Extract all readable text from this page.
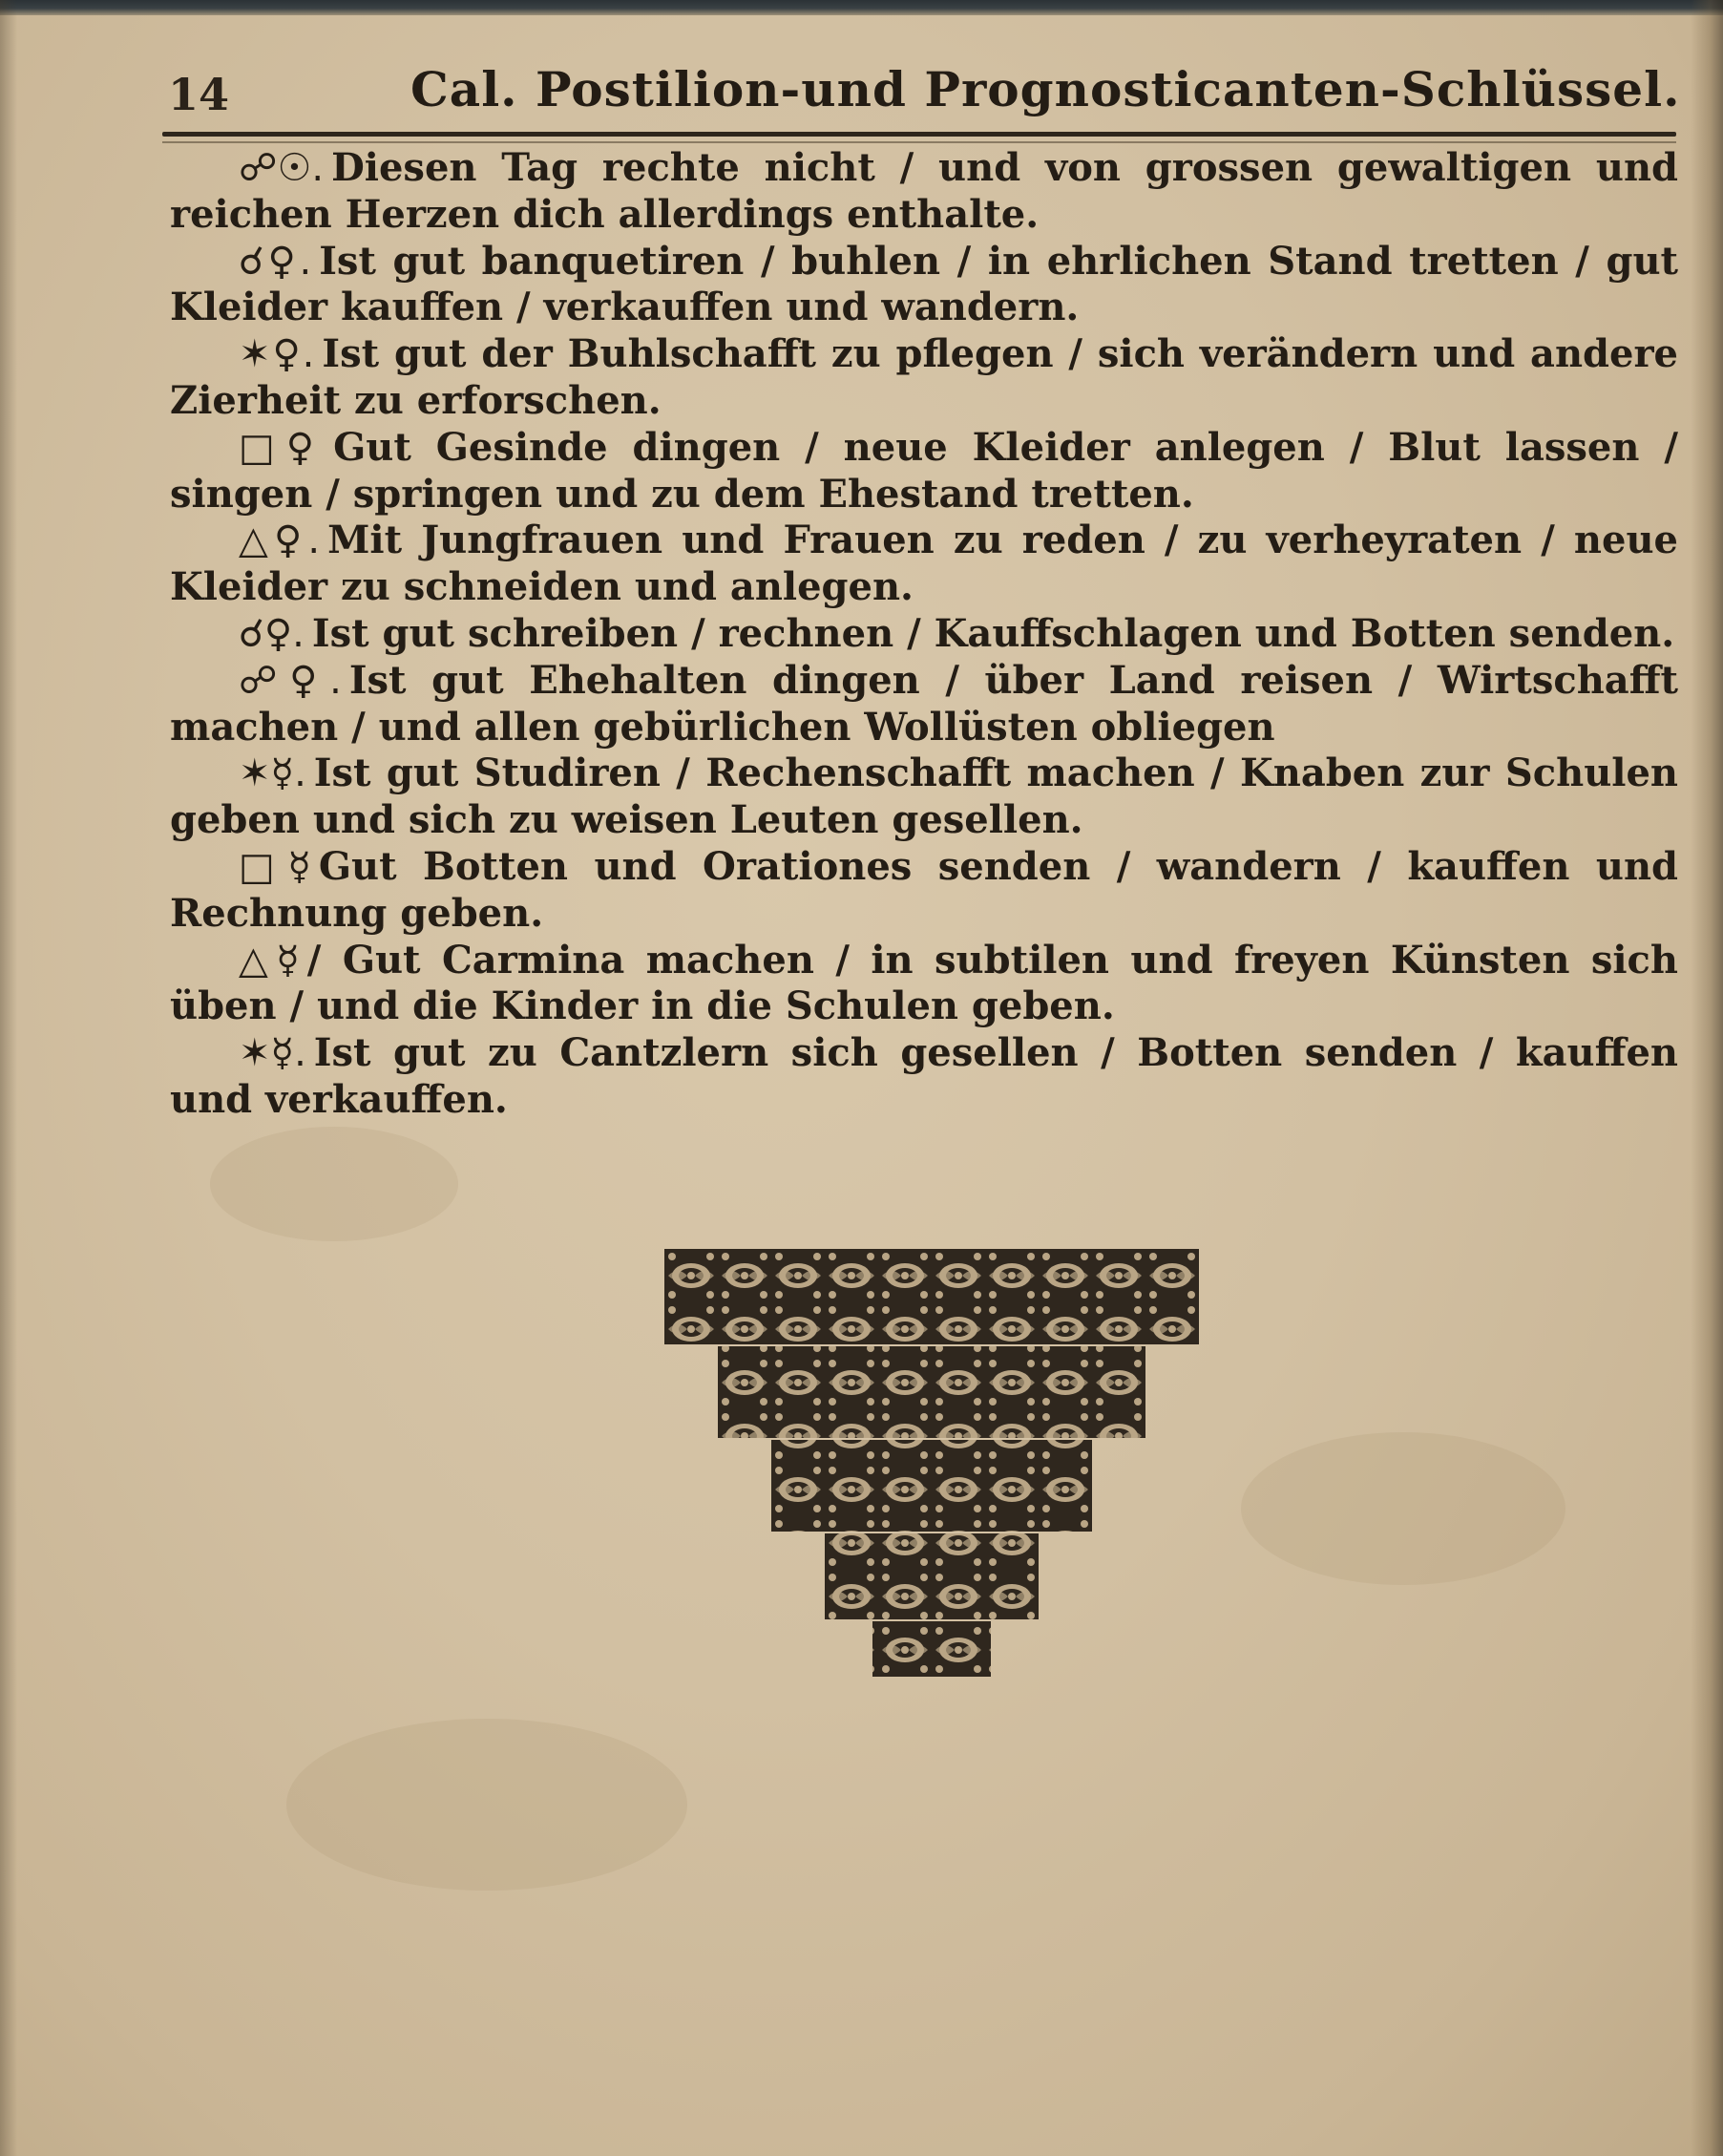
14	Cal. Postilion-und Prognosticanten-Schlüssel.

☍☉. Diesen Tag rechte nicht / und von grossen gewaltigen und reichen Herzen dich allerdings enthalte.

☌♀. Ist gut banquetiren / buhlen / in ehrlichen Stand tretten / gut Kleider kauffen / verkauffen und wandern.

✶♀. Ist gut der Buhlschafft zu pflegen / sich verändern und andere Zierheit zu erforschen.

□♀ Gut Gesinde dingen / neue Kleider anlegen / Blut lassen / singen / springen und zu dem Ehestand tretten.

△♀. Mit Jungfrauen und Frauen zu reden / zu verheyraten / neue Kleider zu schneiden und anlegen.

☌♀. Ist gut schreiben / rechnen / Kauffschlagen und Botten senden.

☍♀. Ist gut Ehehalten dingen / über Land reisen / Wirtschafft machen / und allen gebürlichen Wollüsten obliegen

✶☿. Ist gut Studiren / Rechenschafft machen / Knaben zur Schulen geben und sich zu weisen Leuten gesellen.

□☿ Gut Botten und Orationes senden / wandern / kauffen und Rechnung geben.

△☿ / Gut Carmina machen / in subtilen und freyen Künsten sich üben / und die Kinder in die Schulen geben.

✶☿. Ist gut zu Cantzlern sich gesellen / Botten senden / kauffen und verkauffen.
